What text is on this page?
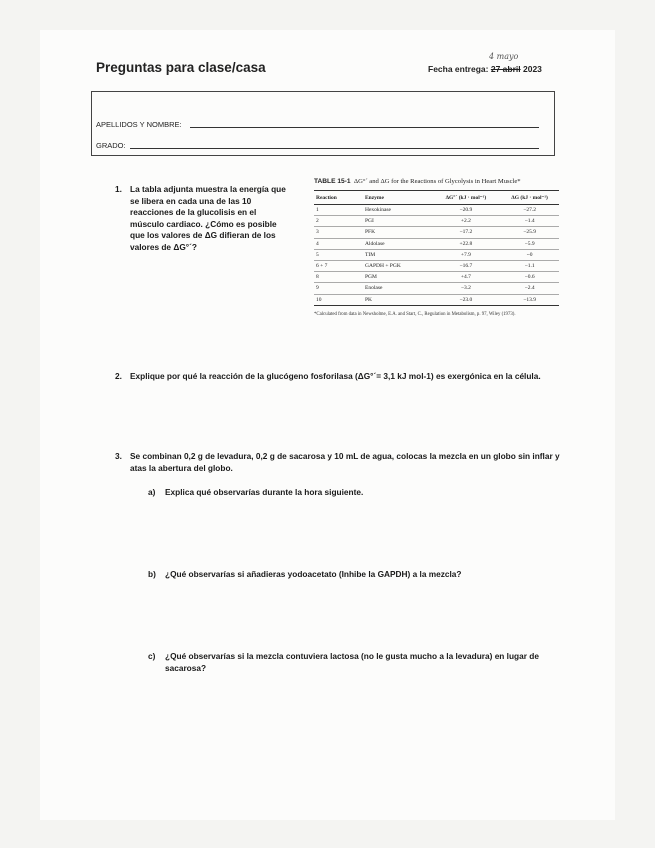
Preguntas para clase/casa
4 mayo
Fecha entrega: 27 abril 2023
APELLIDOS Y NOMBRE:
GRADO:
1. La tabla adjunta muestra la energía que
se libera en cada una de las 10
reacciones de la glucolisis en el
músculo cardiaco. ¿Cómo es posible
que los valores de ΔG difieran de los
valores de ΔG°´?
TABLE 15-1 ΔG°´ and ΔG for the Reactions of Glycolysis in Heart Muscle*
Reaction	Enzyme	ΔG°´ (kJ · mol⁻¹)	ΔG (kJ · mol⁻¹)
1	Hexokinase	−20.9	−27.2
2	PGI	+2.2	−1.4
3	PFK	−17.2	−25.9
4	Aldolase	+22.8	−5.9
5	TIM	+7.9	~0
6 + 7	GAPDH + PGK	−16.7	−1.1
8	PGM	+4.7	−0.6
9	Enolase	−3.2	−2.4
10	PK	−23.0	−13.9
*Calculated from data in Newsholme, E.A. and Start, C., Regulation in Metabolism, p. 97, Wiley (1973).
2. Explique por qué la reacción de la glucógeno fosforilasa (ΔG°´= 3,1 kJ mol-1) es exergónica en la célula.
3. Se combinan 0,2 g de levadura, 0,2 g de sacarosa y 10 mL de agua, colocas la mezcla en un globo sin inflar y
atas la abertura del globo.
a) Explica qué observarías durante la hora siguiente.
b) ¿Qué observarías si añadieras yodoacetato (Inhibe la GAPDH) a la mezcla?
c) ¿Qué observarías si la mezcla contuviera lactosa (no le gusta mucho a la levadura) en lugar de
sacarosa?
